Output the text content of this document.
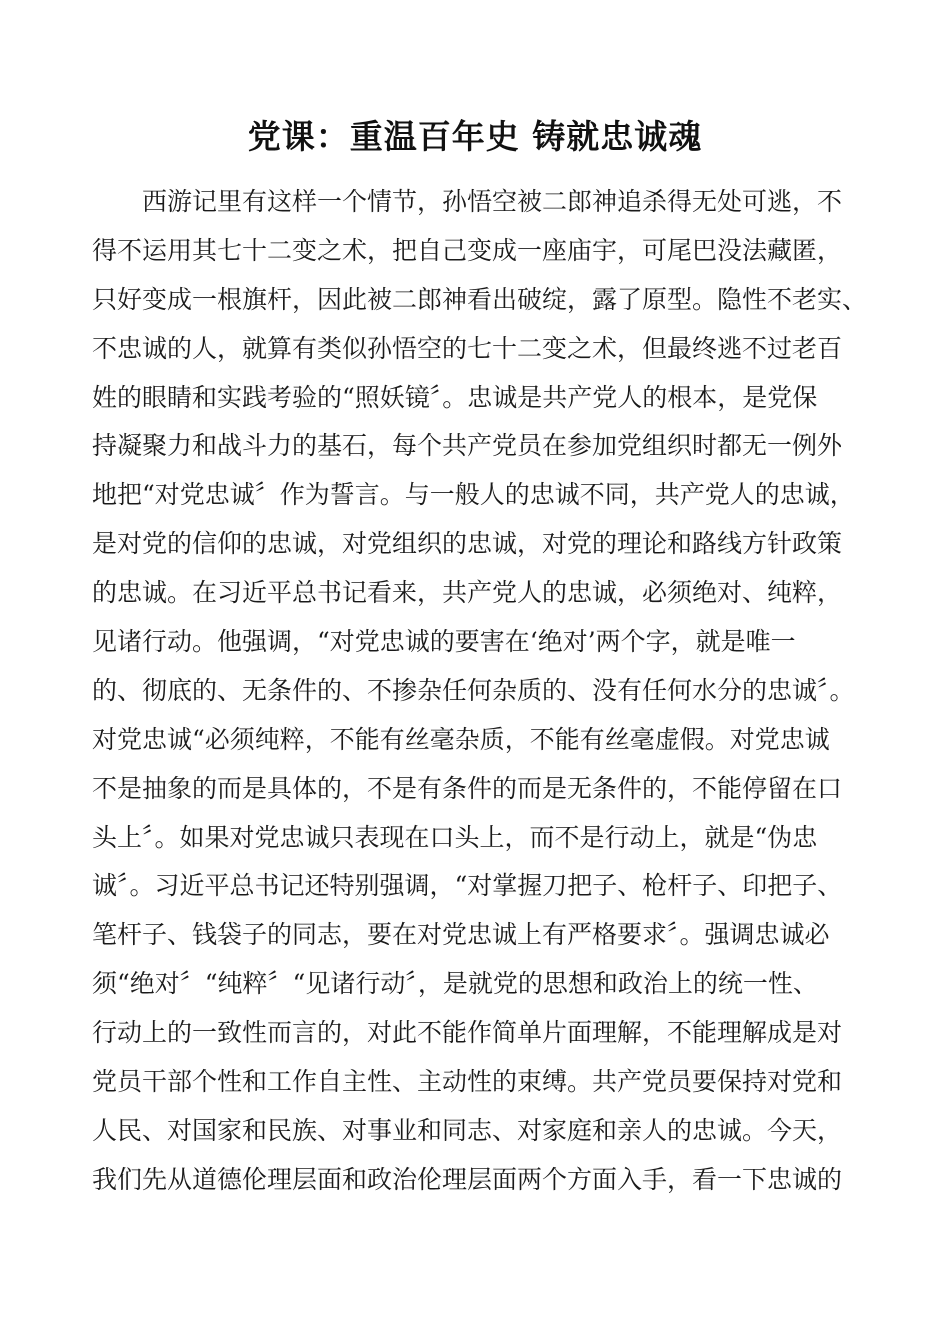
党课：重温百年史 铸就忠诚魂
西游记里有这样一个情节，孙悟空被二郎神追杀得无处可逃，不
得不运用其七十二变之术，把自己变成一座庙宇，可尾巴没法藏匿，
只好变成一根旗杆，因此被二郎神看出破绽，露了原型。隐性不老实、
不忠诚的人，就算有类似孙悟空的七十二变之术，但最终逃不过老百
姓的眼睛和实践考验的“照妖镜〞。忠诚是共产党人的根本，是党保
持凝聚力和战斗力的基石，每个共产党员在参加党组织时都无一例外
地把“对党忠诚〞作为誓言。与一般人的忠诚不同，共产党人的忠诚，
是对党的信仰的忠诚，对党组织的忠诚，对党的理论和路线方针政策
的忠诚。在习近平总书记看来，共产党人的忠诚，必须绝对、纯粹，
见诸行动。他强调，“对党忠诚的要害在‘绝对’两个字，就是唯一
的、彻底的、无条件的、不掺杂任何杂质的、没有任何水分的忠诚〞。
对党忠诚“必须纯粹，不能有丝毫杂质，不能有丝毫虚假。对党忠诚
不是抽象的而是具体的，不是有条件的而是无条件的，不能停留在口
头上〞。如果对党忠诚只表现在口头上，而不是行动上，就是“伪忠
诚〞。习近平总书记还特别强调，“对掌握刀把子、枪杆子、印把子、
笔杆子、钱袋子的同志，要在对党忠诚上有严格要求〞。强调忠诚必
须“绝对〞“纯粹〞“见诸行动〞，是就党的思想和政治上的统一性、
行动上的一致性而言的，对此不能作简单片面理解，不能理解成是对
党员干部个性和工作自主性、主动性的束缚。共产党员要保持对党和
人民、对国家和民族、对事业和同志、对家庭和亲人的忠诚。今天，
我们先从道德伦理层面和政治伦理层面两个方面入手，看一下忠诚的
